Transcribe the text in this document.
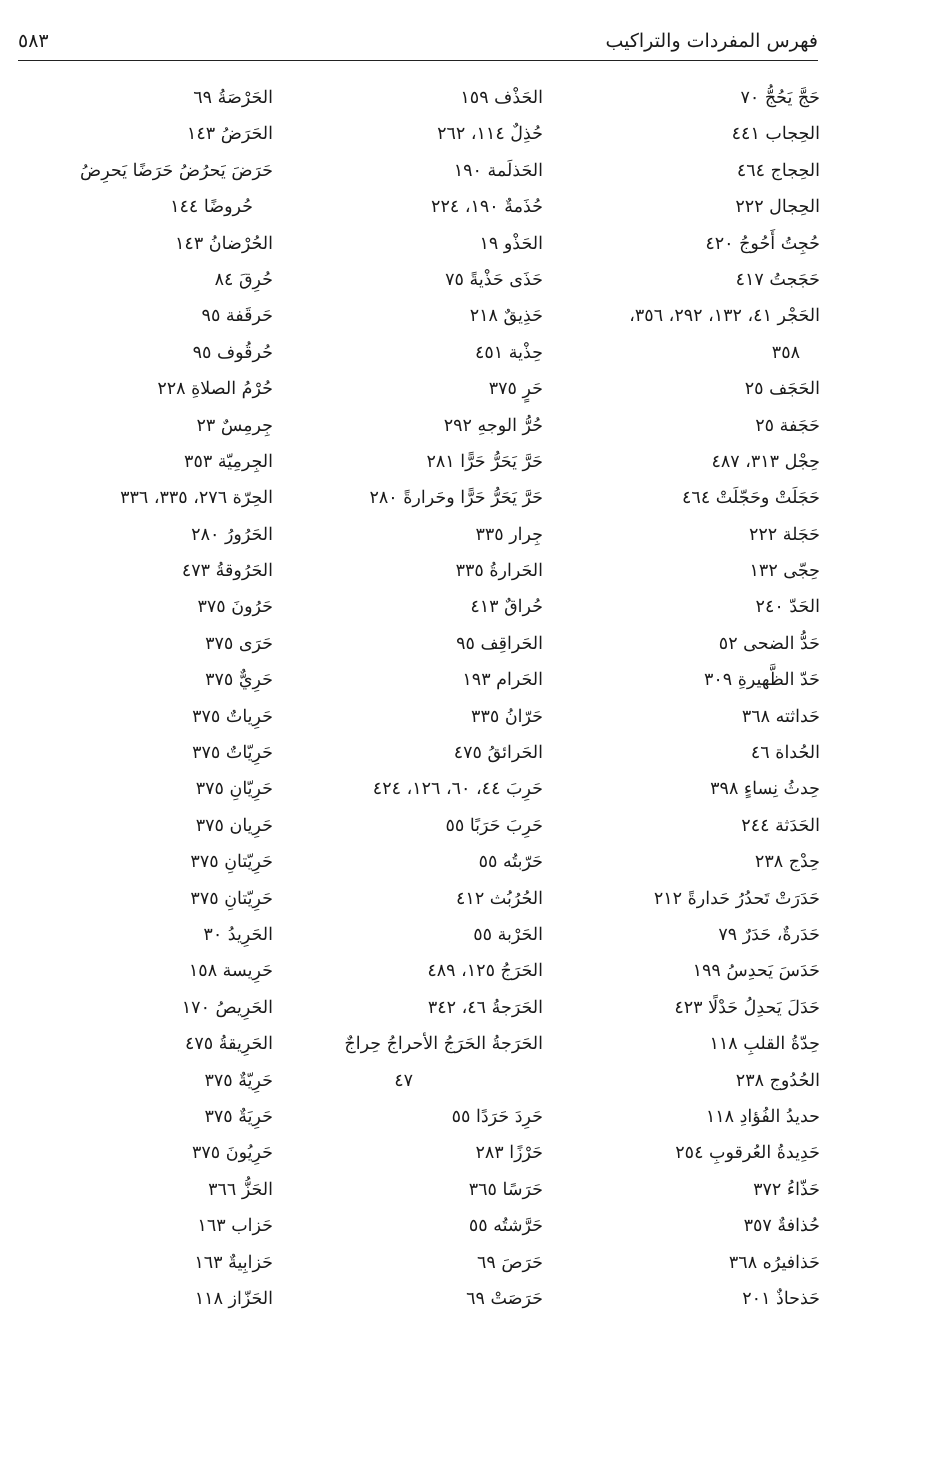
فهرس المفردات والتراكيب
٥٨٣
حَجَّ يَحُجُّ ٧٠
الحِجاب ٤٤١
الحِجاج ٤٦٤
الحِجال ٢٢٢
حُجِتُ أَحُوجُ ٤٢٠
حَجَجتُ ٤١٧
الحَجْر ٤١، ١٣٢، ٢٩٢، ٣٥٦،
٣٥٨
الحَجَف ٢٥
حَجَفة ٢٥
حِجْل ٣١٣، ٤٨٧
حَجَلَتْ وحَجّلَتْ ٤٦٤
حَجَلة ٢٢٢
حِجّى ١٣٢
الحَدّ ٢٤٠
حَدُّ الضحى ٥٢
حَدّ الظَّهيرةِ ٣٠٩
حَداثته ٣٦٨
الحُداة ٤٦
حِدثُ نِساءٍ ٣٩٨
الحَدَثة ٢٤٤
حِدْج ٢٣٨
حَدَرَتْ تَحدُرُ حَدارةً ٢١٢
حَدَرةٌ، حَدَرٌ ٧٩
حَدَسَ يَحدِسُ ١٩٩
حَدَلَ يَحدِلُ حَدْلًا ٤٢٣
حِدّةُ القلبِ ١١٨
الحُدُوج ٢٣٨
حديدُ الفُؤادِ ١١٨
حَدِيدةُ العُرقوبِ ٢٥٤
حَذّاءُ ٣٧٢
حُذافةٌ ٣٥٧
حَذافيرُه ٣٦٨
حَذحاذٌ ٢٠١
الحَذْف ١٥٩
حُذِلٌ ١١٤، ٢٦٢
الحَذلَمة ١٩٠
حُذَمةٌ ١٩٠، ٢٢٤
الحَذْو ١٩
حَذَى حَذْيةً ٧٥
حَذِيقٌ ٢١٨
حِذْية ٤٥١
حَرٍ ٣٧٥
حُرُّ الوجهِ ٢٩٢
حَرَّ يَحَرُّ حَرًّا ٢٨١
حَرَّ يَحَرُّ حَرًّا وحَرارةً ٢٨٠
جِرار ٣٣٥
الحَرارةُ ٣٣٥
حُراقٌ ٤١٣
الحَراقِف ٩٥
الحَرام ١٩٣
حَرّانُ ٣٣٥
الحَرائقُ ٤٧٥
حَرِبَ ٤٤، ٦٠، ١٢٦، ٤٢٤
حَرِبَ حَرَبًا ٥٥
حَرّبتُه ٥٥
الحُرُبُث ٤١٢
الحَرْبة ٥٥
الحَرَجُ ١٢٥، ٤٨٩
الحَرَجةُ ٤٦، ٣٤٢
الحَرَجةُ الحَرَجُ الأحراجُ حِراجٌ
٤٧
حَرِدَ حَرَدًا ٥٥
حَرْزًا ٢٨٣
حَرَسًا ٣٦٥
حَرَّشتُه ٥٥
حَرَصَ ٦٩
حَرَصَتْ ٦٩
الحَرْصَةُ ٦٩
الحَرَضُ ١٤٣
حَرَضَ يَحرُضُ حَرَضًا يَحرِضُ
حُروضًا ١٤٤
الحُرْضانُ ١٤٣
حُرِقَ ٨٤
حَرقَفة ٩٥
حُرقُوف ٩٥
حُرْمُ الصلاةِ ٢٢٨
جِرمِسٌ ٢٣
الجِرمِيّة ٣٥٣
الحِرّة ٢٧٦، ٣٣٥، ٣٣٦
الحَرُورُ ٢٨٠
الحَرُوقةُ ٤٧٣
حَرُونَ ٣٧٥
حَرَى ٣٧٥
حَرِيٌّ ٣٧٥
حَرِياتٌ ٣٧٥
حَرِيّاتٌ ٣٧٥
حَرِيّانِ ٣٧٥
حَرِيان ٣٧٥
حَرِيّتانِ ٣٧٥
حَرِيّتانِ ٣٧٥
الحَرِيدُ ٣٠
حَرِيسة ١٥٨
الحَرِيصُ ١٧٠
الحَرِيقةُ ٤٧٥
حَرِيّةٌ ٣٧٥
حَرِيَةٌ ٣٧٥
حَرِيُونَ ٣٧٥
الحَزُّ ٣٦٦
حَزاب ١٦٣
حَزابِيةٌ ١٦٣
الحَزّاز ١١٨
